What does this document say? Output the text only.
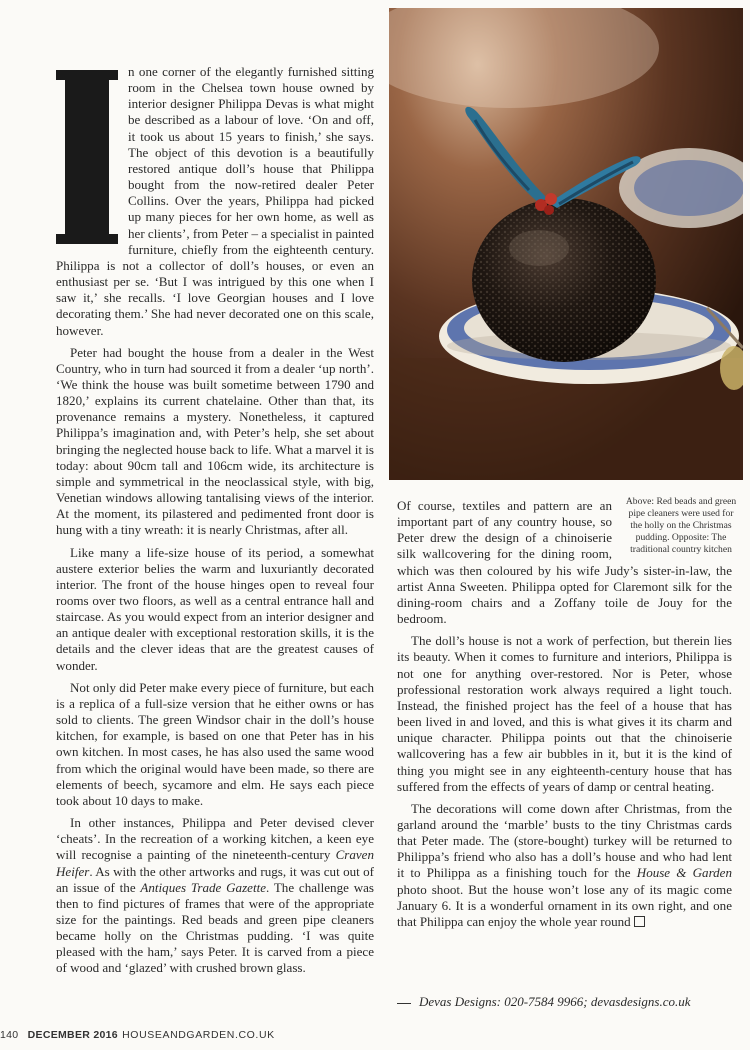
n one corner of the elegantly furnished sitting room in the Chelsea town house owned by interior designer Philippa Devas is what might be described as a labour of love. ‘On and off, it took us about 15 years to finish,’ she says. The object of this devotion is a beautifully restored antique doll’s house that Philippa bought from the now-retired dealer Peter Collins. Over the years, Philippa had picked up many pieces for her own home, as well as her clients’, from Peter – a specialist in painted furniture, chiefly from the eighteenth century. Philippa is not a collector of doll’s houses, or even an enthusiast per se. ‘But I was intrigued by this one when I saw it,’ she recalls. ‘I love Georgian houses and I love decorating them.’ She had never decorated one on this scale, however.

Peter had bought the house from a dealer in the West Country, who in turn had sourced it from a dealer ‘up north’. ‘We think the house was built sometime between 1790 and 1820,’ explains its current chatelaine. Other than that, its provenance remains a mystery. Nonetheless, it captured Philippa’s imagination and, with Peter’s help, she set about bringing the neglected house back to life. What a marvel it is today: about 90cm tall and 106cm wide, its architecture is simple and symmetrical in the neoclassical style, with big, Venetian windows allowing tantalising views of the interior. At the moment, its pilastered and pedimented front door is hung with a tiny wreath: it is nearly Christmas, after all.

Like many a life-size house of its period, a somewhat austere exterior belies the warm and luxuriantly decorated interior. The front of the house hinges open to reveal four rooms over two floors, as well as a central entrance hall and staircase. As you would expect from an interior designer and an antique dealer with exceptional restoration skills, it is the details and the clever ideas that are the greatest causes of wonder.

Not only did Peter make every piece of furniture, but each is a replica of a full-size version that he either owns or has sold to clients. The green Windsor chair in the doll’s house kitchen, for example, is based on one that Peter has in his own kitchen. In most cases, he has also used the same wood from which the original would have been made, so there are elements of beech, sycamore and elm. He says each piece took about 10 days to make.

In other instances, Philippa and Peter devised clever ‘cheats’. In the recreation of a working kitchen, a keen eye will recognise a painting of the nineteenth-century Craven Heifer. As with the other artworks and rugs, it was cut out of an issue of the Antiques Trade Gazette. The challenge was then to find pictures of frames that were of the appropriate size for the paintings. Red beads and green pipe cleaners became holly on the Christmas pudding. ‘I was quite pleased with the ham,’ says Peter. It is carved from a piece of wood and ‘glazed’ with crushed brown glass.

Above: Red beads and green pipe cleaners were used for the holly on the Christmas pudding. Opposite: The traditional country kitchen

Of course, textiles and pattern are an important part of any country house, so Peter drew the design of a chinoiserie silk wallcovering for the dining room, which was then coloured by his wife Judy’s sister-in-law, the artist Anna Sweeten. Philippa opted for Claremont silk for the dining-room chairs and a Zoffany toile de Jouy for the bedroom.

The doll’s house is not a work of perfection, but therein lies its beauty. When it comes to furniture and interiors, Philippa is not one for anything over-restored. Nor is Peter, whose professional restoration work always required a light touch. Instead, the finished project has the feel of a house that has been lived in and loved, and this is what gives it its charm and unique character. Philippa points out that the chinoiserie wallcovering has a few air bubbles in it, but it is the kind of thing you might see in any eighteenth-century house that has suffered from the effects of years of damp or central heating.

The decorations will come down after Christmas, from the garland around the ‘marble’ busts to the tiny Christmas cards that Peter made. The (store-bought) turkey will be returned to Philippa’s friend who also has a doll’s house and who had lent it to Philippa as a finishing touch for the House & Garden photo shoot. But the house won’t lose any of its magic come January 6. It is a wonderful ornament in its own right, and one that Philippa can enjoy the whole year round

Devas Designs: 020-7584 9966; devasdesigns.co.uk
140 DECEMBER 2016 HOUSEANDGARDEN.CO.UK
